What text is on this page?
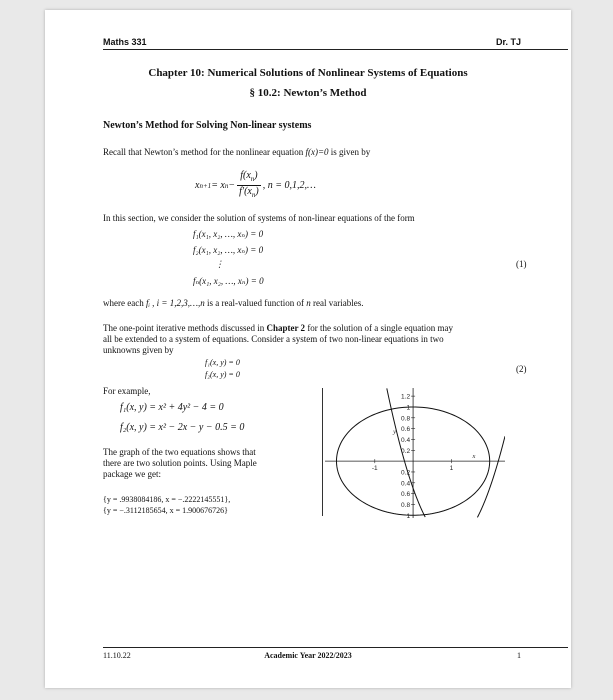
Maths 331	Dr. TJ
Chapter 10: Numerical Solutions of Nonlinear Systems of Equations
§ 10.2: Newton’s Method
Newton’s Method for Solving Non-linear systems
Recall that Newton’s method for the nonlinear equation f(x)=0 is given by
x n+1 = x $n - \frac{f(x_n)}{f'(x_n)}$ , n = 0,1,2,…
In this section, we consider the solution of systems of non-linear equations of the form
f₁(x₁, x₂, …, xₙ) = 0
f₂(x₁, x₂, …, xₙ) = 0
⋮
fₙ(x₁, x₂, …, xₙ) = 0
(1)
where each fᵢ , i = 1,2,3,…,n is a real-valued function of n real variables.
The one-point iterative methods discussed in Chapter 2 for the solution of a single equation may
all be extended to a system of equations. Consider a system of two non-linear equations in two
unknowns given by
f₁(x, y) = 0
f₂(x, y) = 0
(2)
For example,
f₁(x, y) = x² + 4y² − 4 = 0
f₂(x, y) = x² − 2x − y − 0.5 = 0
The graph of the two equations shows that
there are two solution points. Using Maple
package we get:
{y = .9938084186, x = −.2222145551},
{y = −.3112185654, x = 1.900676726}
1.2
1
0.8
0.6
0.4
0.2
0.2
0.4
0.6
0.8
1
-1	1
x
y
11.10.22	Academic Year 2022/2023	1
